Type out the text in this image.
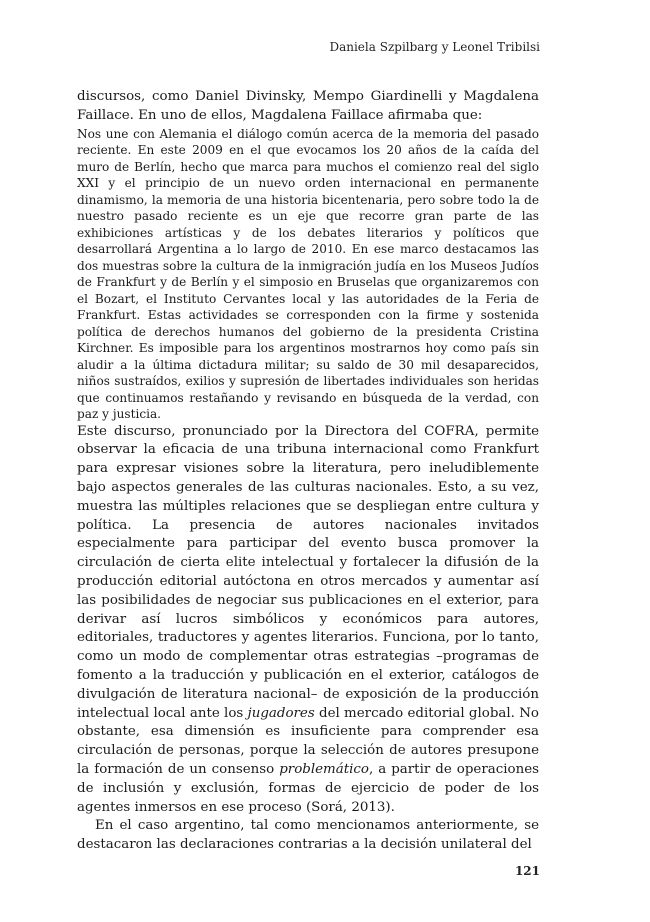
Daniela Szpilbarg y Leonel Tribilsi

discursos, como Daniel Divinsky, Mempo Giardinelli y Magdalena Faillace. En uno de ellos, Magdalena Faillace afirmaba que:

Nos une con Alemania el diálogo común acerca de la memoria del pasado reciente. En este 2009 en el que evocamos los 20 años de la caída del muro de Berlín, hecho que marca para muchos el comienzo real del siglo XXI y el principio de un nuevo orden internacional en permanente dinamismo, la memoria de una historia bicentenaria, pero sobre todo la de nuestro pasado reciente es un eje que recorre gran parte de las exhibiciones artísticas y de los debates literarios y políticos que desarrollará Argentina a lo largo de 2010. En ese marco destacamos las dos muestras sobre la cultura de la inmigración judía en los Museos Judíos de Frankfurt y de Berlín y el simposio en Bruselas que organizaremos con el Bozart, el Instituto Cervantes local y las autoridades de la Feria de Frankfurt. Estas actividades se corresponden con la firme y sostenida política de derechos humanos del gobierno de la presidenta Cristina Kirchner. Es imposible para los argentinos mostrarnos hoy como país sin aludir a la última dictadura militar; su saldo de 30 mil desaparecidos, niños sustraídos, exilios y supresión de libertades individuales son heridas que continuamos restañando y revisando en búsqueda de la verdad, con paz y justicia.

Este discurso, pronunciado por la Directora del COFRA, permite observar la eficacia de una tribuna internacional como Frankfurt para expresar visiones sobre la literatura, pero ineludiblemente bajo aspectos generales de las culturas nacionales. Esto, a su vez, muestra las múltiples relaciones que se despliegan entre cultura y política. La presencia de autores nacionales invitados especialmente para participar del evento busca promover la circulación de cierta elite intelectual y fortalecer la difusión de la producción editorial autóctona en otros mercados y aumentar así las posibilidades de negociar sus publicaciones en el exterior, para derivar así lucros simbólicos y económicos para autores, editoriales, traductores y agentes literarios. Funciona, por lo tanto, como un modo de complementar otras estrategias –programas de fomento a la traducción y publicación en el exterior, catálogos de divulgación de literatura nacional– de exposición de la producción intelectual local ante los jugadores del mercado editorial global. No obstante, esa dimensión es insuficiente para comprender esa circulación de personas, porque la selección de autores presupone la formación de un consenso problemático, a partir de operaciones de inclusión y exclusión, formas de ejercicio de poder de los agentes inmersos en ese proceso (Sorá, 2013).

En el caso argentino, tal como mencionamos anteriormente, se destacaron las declaraciones contrarias a la decisión unilateral del

121
